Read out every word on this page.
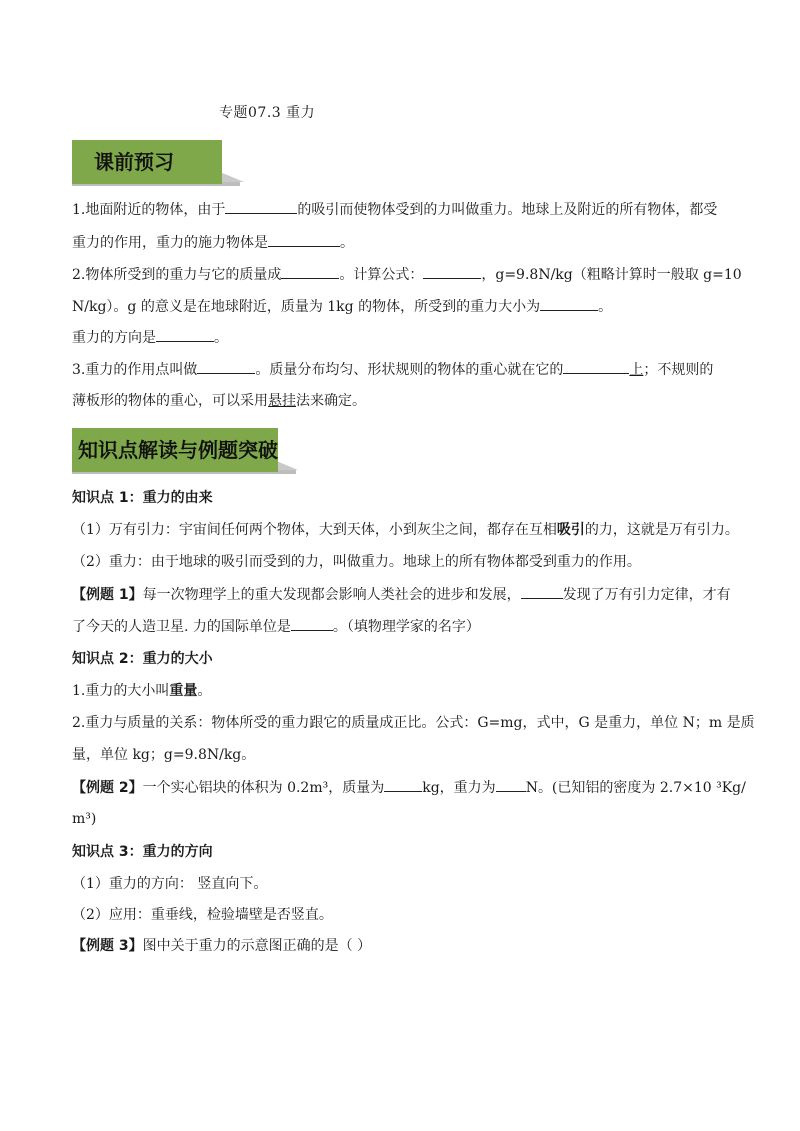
专题07.3 重力
课前预习
1.地面附近的物体，由于	的吸引而使物体受到的力叫做重力。地球上及附近的所有物体，都受
重力的作用，重力的施力物体是	。
2.物体所受到的重力与它的质量成	。计算公式：	，g=9.8N/kg（粗略计算时一般取 g=10
N/kg）。g 的意义是在地球附近，质量为 1kg 的物体，所受到的重力大小为	。
重力的方向是	。
3.重力的作用点叫做	。质量分布均匀、形状规则的物体的重心就在它的	上；不规则的
薄板形的物体的重心，可以采用悬挂法来确定。
知识点解读与例题突破
知识点 1：重力的由来
（1）万有引力：宇宙间任何两个物体，大到天体，小到灰尘之间，都存在互相吸引的力，这就是万有引力。
（2）重力：由于地球的吸引而受到的力，叫做重力。地球上的所有物体都受到重力的作用。
【例题 1】每一次物理学上的重大发现都会影响人类社会的进步和发展，	发现了万有引力定律，才有
了今天的人造卫星. 力的国际单位是	。（填物理学家的名字）
知识点 2：重力的大小
1.重力的大小叫重量。
2.重力与质量的关系：物体所受的重力跟它的质量成正比。公式：G=mg，式中，G 是重力，单位 N；m 是质
量，单位 kg；g=9.8N/kg。
【例题 2】一个实心铝块的体积为 0.2m³，质量为	kg，重力为 N。(已知铝的密度为 2.7×10 ³Kg/
m³)
知识点 3：重力的方向
（1）重力的方向： 竖直向下。
（2）应用：重垂线，检验墙壁是否竖直。
【例题 3】图中关于重力的示意图正确的是（ ）
